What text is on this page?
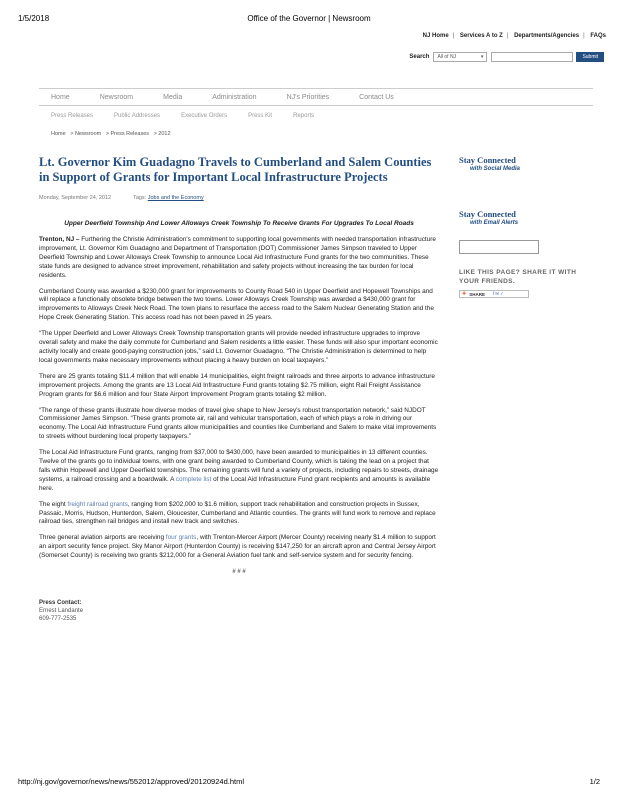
1/5/2018	Office of the Governor | Newsroom
NJ Home | Services A to Z | Departments/Agencies | FAQs
Search All of NJ	▾	Submit
Home	Newsroom	Media	Administration	NJ's Priorities	Contact Us
Press Releases	Public Addresses	Executive Orders	Press Kit	Reports
Home > Newsroom > Press Releases > 2012
Lt. Governor Kim Guadagno Travels to Cumberland and Salem Counties in Support of Grants for Important Local Infrastructure Projects
Monday, September 24, 2012	Tags:
Jobs and the Economy
Upper Deerfield Township And Lower Alloways Creek Township To Receive Grants For Upgrades To Local Roads

Trenton, NJ – Furthering the Christie Administration's commitment to supporting local governments with needed transportation infrastructure improvement, Lt. Governor Kim Guadagno and Department of Transportation (DOT) Commissioner James Simpson traveled to Upper Deerfield Township and Lower Alloways Creek Township to announce Local Aid Infrastructure Fund grants for the two communities. These state funds are designed to advance street improvement, rehabilitation and safety projects without increasing the tax burden for local residents.

Cumberland County was awarded a $230,000 grant for improvements to County Road 540 in Upper Deerfield and Hopewell Townships and will replace a functionally obsolete bridge between the two towns. Lower Alloways Creek Township was awarded a $430,000 grant for improvements to Alloways Creek Neck Road. The town plans to resurface the access road to the Salem Nuclear Generating Station and the Hope Creek Generating Station. This access road has not been paved in 25 years.

“The Upper Deerfield and Lower Alloways Creek Township transportation grants will provide needed infrastructure upgrades to improve overall safety and make the daily commute for Cumberland and Salem residents a little easier. These funds will also spur important economic activity locally and create good-paying construction jobs,” said Lt. Governor Guadagno. “The Christie Administration is determined to help local governments make necessary improvements without placing a heavy burden on local taxpayers.”

There are 25 grants totaling $11.4 million that will enable 14 municipalities, eight freight railroads and three airports to advance infrastructure improvement projects. Among the grants are 13 Local Aid Infrastructure Fund grants totaling $2.75 million, eight Rail Freight Assistance Program grants for $6.6 million and four State Airport Improvement Program grants totaling $2 million.

“The range of these grants illustrate how diverse modes of travel give shape to New Jersey's robust transportation network,” said NJDOT Commissioner James Simpson. “These grants promote air, rail and vehicular transportation, each of which plays a role in driving our economy. The Local Aid Infrastructure Fund grants allow municipalities and counties like Cumberland and Salem to make vital improvements to streets without burdening local property taxpayers.”

The Local Aid Infrastructure Fund grants, ranging from $37,000 to $430,000, have been awarded to municipalities in 13 different counties. Twelve of the grants go to individual towns, with one grant being awarded to Cumberland County, which is taking the lead on a project that falls within Hopewell and Upper Deerfield townships. The remaining grants will fund a variety of projects, including repairs to streets, drainage systems, a railroad crossing and a boardwalk. A complete list of the Local Aid Infrastructure Fund grant recipients and amounts is available here.

The eight freight railroad grants, ranging from $202,000 to $1.6 million, support track rehabilitation and construction projects in Sussex, Passaic, Morris, Hudson, Hunterdon, Salem, Gloucester, Cumberland and Atlantic counties. The grants will fund work to remove and replace railroad ties, strengthen rail bridges and install new track and switches.

Three general aviation airports are receiving four grants, with Trenton-Mercer Airport (Mercer County) receiving nearly $1.4 million to support an airport security fence project. Sky Manor Airport (Hunterdon County) is receiving $147,250 for an aircraft apron and Central Jersey Airport (Somerset County) is receiving two grants $212,000 for a General Aviation fuel tank and self-service system and for security fencing.

# # #
Press Contact:
Ernest Landante
609-777-2535
Stay Connected
with Social Media
Stay Connected
with Email Alerts
LIKE THIS PAGE? SHARE IT WITH YOUR FRIENDS.
✚ SHARE f✉✓
http://nj.gov/governor/news/news/552012/approved/20120924d.html	1/2
